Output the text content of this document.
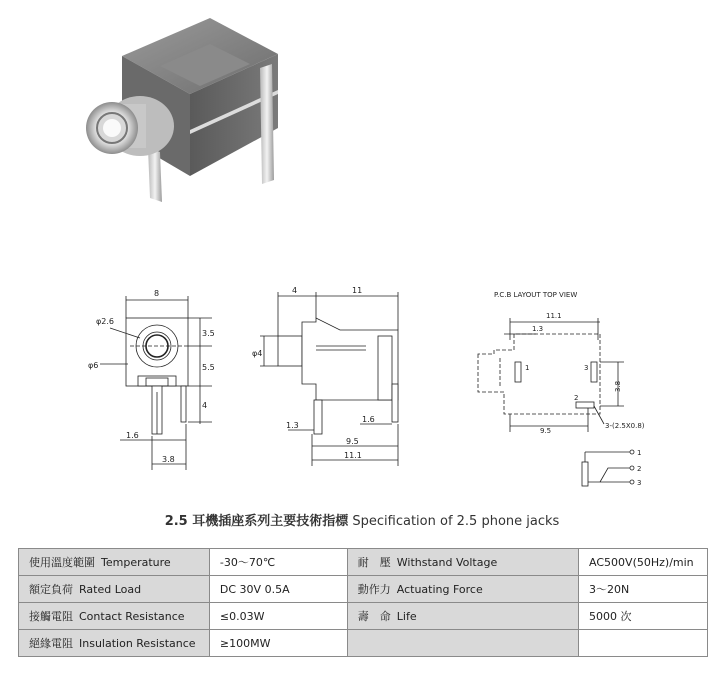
8
φ2.6
φ6
3.5
5.5
4
1.6
3.8
4	11
φ4
1.3
1.6
9.5
11.1
P.C.B LAYOUT TOP VIEW
11.1
1.3
9.5
3.8
3-(2.5X0.8)
1
2
3
1
2
3
2.5 耳機插座系列主要技術指標 Specification of 2.5 phone jacks
使用溫度範圍 Temperature	-30～70℃	耐　壓 Withstand Voltage	AC500V(50Hz)/min
額定負荷 Rated Load	DC 30V 0.5A	動作力 Actuating Force	3～20N
接觸電阻 Contact Resistance	≤0.03W	壽　命 Life	5000 次
絕緣電阻 Insulation Resistance	≥100MW		
